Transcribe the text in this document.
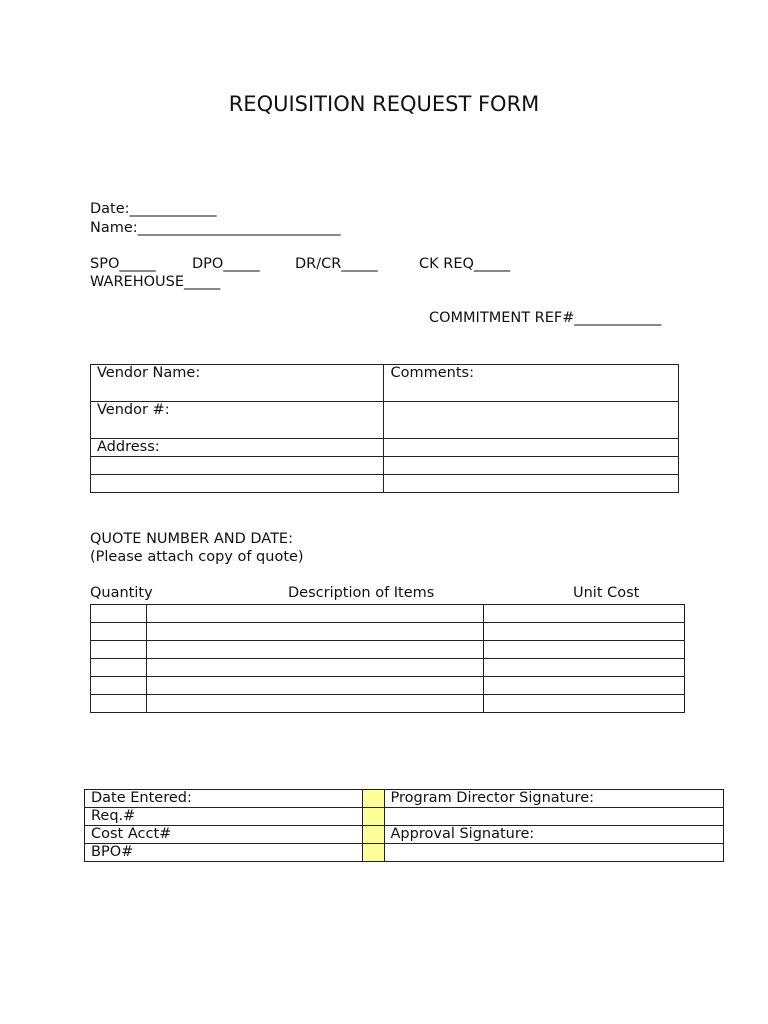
REQUISITION REQUEST FORM
Date:____________
Name:____________________________
SPO_____	DPO_____ DR/CR_____	CK REQ_____
WAREHOUSE_____
COMMITMENT REF#____________
Vendor Name:	Comments:
Vendor #:	
Address:	

QUOTE NUMBER AND DATE:
(Please attach copy of quote)
Quantity	Description of Items	Unit Cost

Date Entered:		Program Director Signature:
Req.#		
Cost Acct#		Approval Signature:
BPO#		
